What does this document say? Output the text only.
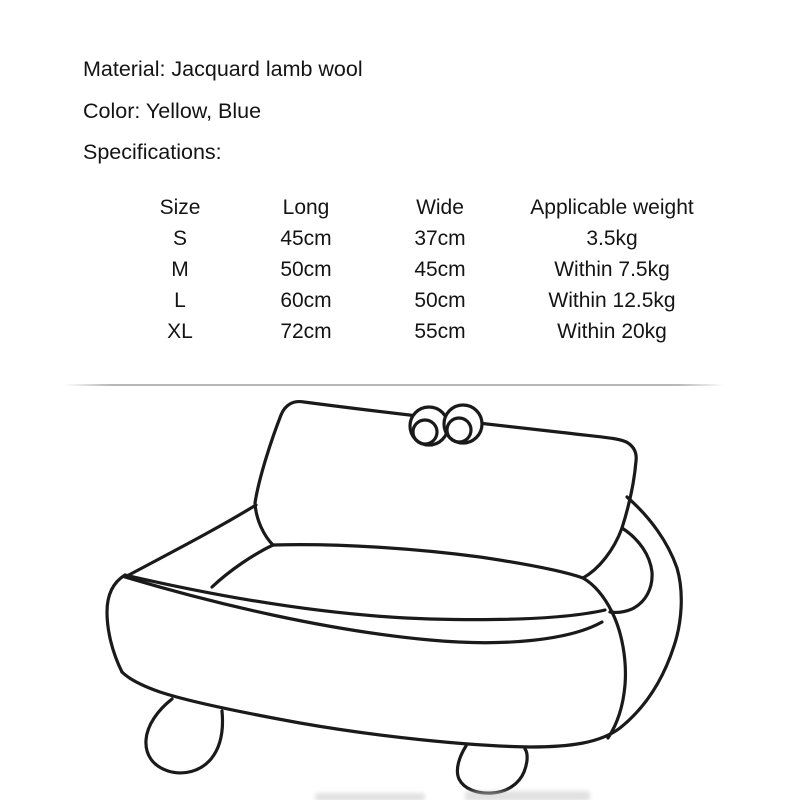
Material: Jacquard lamb wool
Color: Yellow, Blue
Specifications:
Size	Long	Wide	Applicable weight
S	45cm	37cm	3.5kg
M	50cm	45cm	Within 7.5kg
L	60cm	50cm	Within 12.5kg
XL	72cm	55cm	Within 20kg
